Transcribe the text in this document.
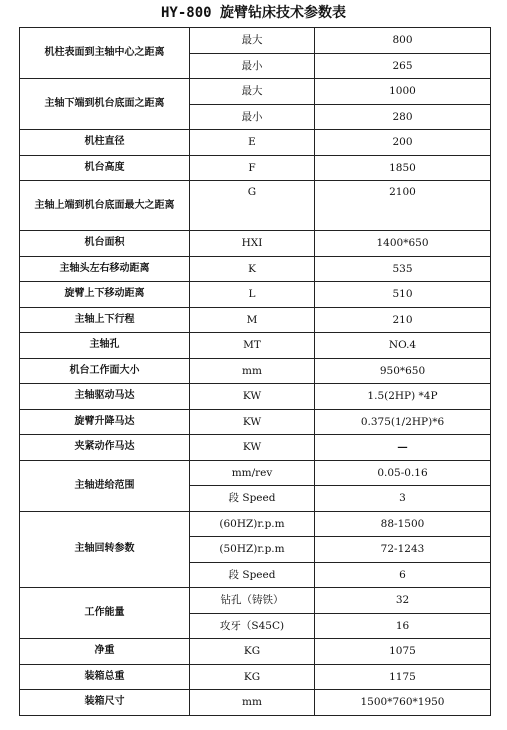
HY-800 旋臂钻床技术参数表
机柱表面到主轴中心之距离	最大	800
	最小	265
主轴下端到机台底面之距离	最大	1000
	最小	280
机柱直径	E	200
机台高度	F	1850
主轴上端到机台底面最大之距离	G	2100
机台面积	HXI	1400*650
主轴头左右移动距离	K	535
旋臂上下移动距离	L	510
主轴上下行程	M	210
主轴孔	MT	NO.4
机台工作面大小	mm	950*650
主轴驱动马达	KW	1.5(2HP) *4P
旋臂升降马达	KW	0.375(1/2HP)*6
夹紧动作马达	KW	—
主轴进给范围	mm/rev	0.05-0.16
	段 Speed	3
主轴回转参数	(60HZ)r.p.m	88-1500
	(50HZ)r.p.m	72-1243
	段 Speed	6
工作能量	钻孔（铸铁）	32
	攻牙（S45C)	16
净重	KG	1075
装箱总重	KG	1175
装箱尺寸	mm	1500*760*1950
